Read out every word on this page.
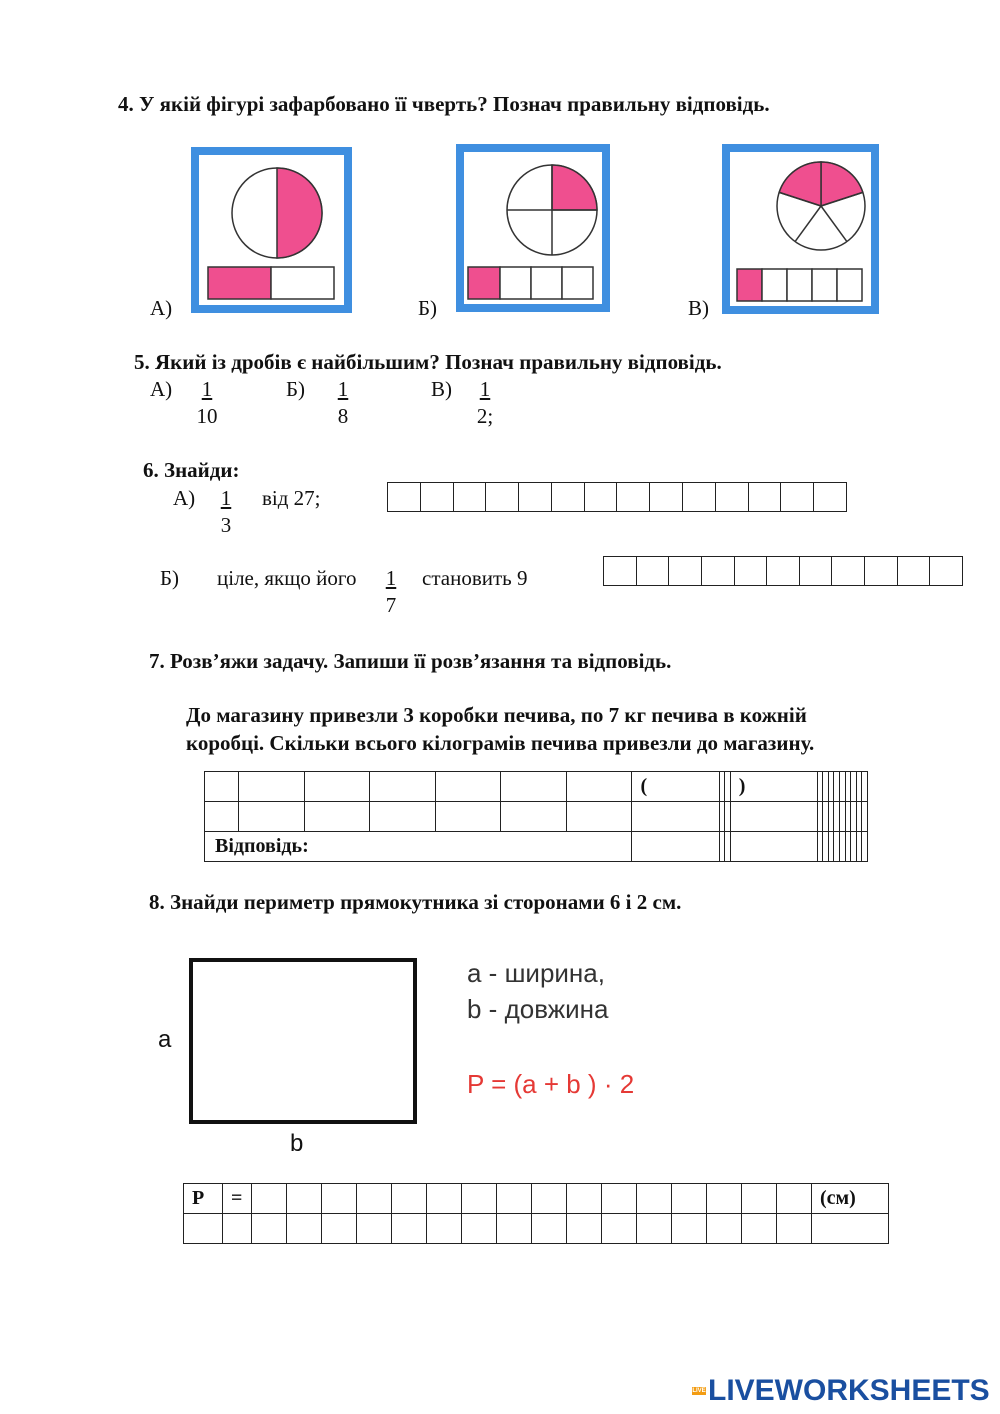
4. У якій фігурі зафарбовано її чверть? Познач правильну відповідь.
А)	Б)	В)
5. Який із дробів є найбільшим? Познач правильну відповідь.
$А) \frac{1}{10}$	$Б) \frac{1}{8}$	$В) \frac{1}{2;}$
6. Знайди:
$А) \frac{1}{3}$ від 27;

Б) ціле, якщо його $\frac{1}{7}$ становить 9

7. Розв’яжи задачу. Запиши її розв’язання та відповідь.
До магазину привезли 3 коробки печива, по 7 кг печива в кожній
коробці. Скільки всього кілограмів печива привезли до магазину.
							(			)									

Відповідь:																			
8. Знайди периметр прямокутника зі сторонами 6 і 2 см.
a
b
a - ширина,
b - довжина
P = (a + b ) · 2
Р	=																	(см)

LIVELIVEWORKSHEETS
